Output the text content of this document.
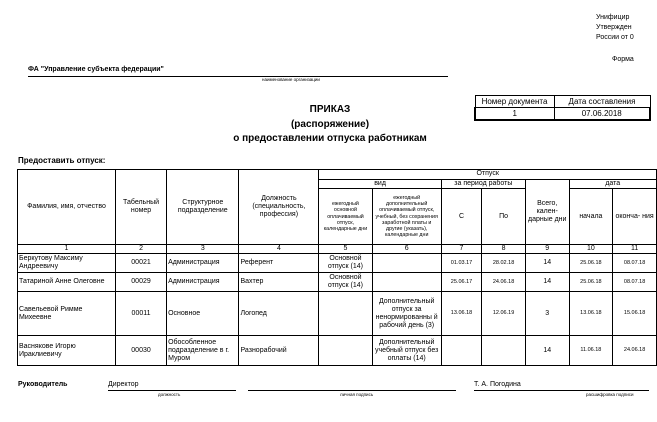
Унифицир
Утвержден
России от 0
Форма
ФА "Управление субъекта федерации"
наименование организации
Номер документа	Дата составления
1	07.06.2018
ПРИКАЗ
(распоряжение)
о предоставлении отпуска работникам
Предоставить отпуск:
Фамилия, имя, отчество	Табельный номер	Структурное подразделение	Должность (специальность, профессия)	Отпуск						
				вид		за период работы		Всего, кален- дарные дни	дата	
				ежегодный основной оплачиваемый отпуск, календарные дни	ежегодный дополнительный оплачиваемый отпуск, учебный, без сохранения заработной платы и другие (указать), календарные дни	С	По		начала	оконча- ния

1	2	3	4	5	6	7	8	9	10	11
Беркутову Максиму Андреевичу	00021	Администрация	Референт	Основной отпуск (14)		01.03.17	28.02.18	14	25.06.18	08.07.18
Татариной Анне Олеговне	00029	Администрация	Вахтер	Основной отпуск (14)		25.06.17	24.06.18	14	25.06.18	08.07.18
Савельевой Римме Михеевне	00011	Основное	Логопед		Дополнительный отпуск за ненормированны й рабочий день (3)	13.06.18	12.06.19	3	13.06.18	15.06.18
Васнякове Игорю Ираклиевичу	00030	Обособленное подразделение в г. Муром	Разнорабочий		Дополнительный учебный отпуск без оплаты (14)			14	11.06.18	24.06.18
Руководитель	Директор	Т. А. Погодина
должность	личная подпись	расшифровка подписи
